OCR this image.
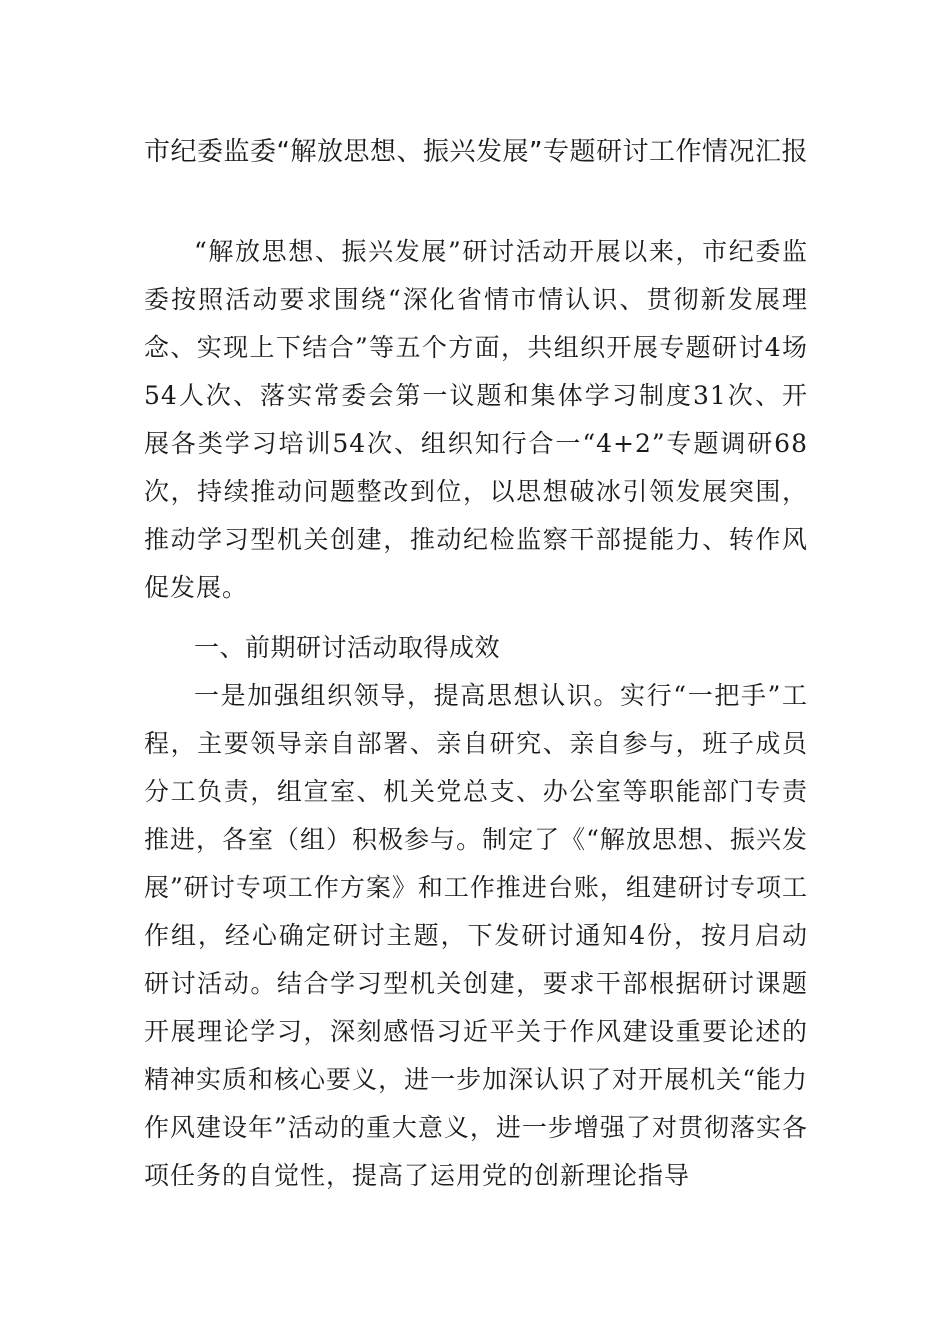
市纪委监委“解放思想、振兴发展”专题研讨工作情况汇报

“解放思想、振兴发展”研讨活动开展以来，市纪委监委按照活动要求围绕“深化省情市情认识、贯彻新发展理念、实现上下结合”等五个方面，共组织开展专题研讨4场54人次、落实常委会第一议题和集体学习制度31次、开展各类学习培训54次、组织知行合一“4+2”专题调研68次，持续推动问题整改到位，以思想破冰引领发展突围，推动学习型机关创建，推动纪检监察干部提能力、转作风促发展。

一、前期研讨活动取得成效

一是加强组织领导，提高思想认识。实行“一把手”工程，主要领导亲自部署、亲自研究、亲自参与，班子成员分工负责，组宣室、机关党总支、办公室等职能部门专责推进，各室（组）积极参与。制定了《“解放思想、振兴发展”研讨专项工作方案》和工作推进台账，组建研讨专项工作组，经心确定研讨主题，下发研讨通知4份，按月启动研讨活动。结合学习型机关创建，要求干部根据研讨课题开展理论学习，深刻感悟习近平关于作风建设重要论述的精神实质和核心要义，进一步加深认识了对开展机关“能力作风建设年”活动的重大意义，进一步增强了对贯彻落实各项任务的自觉性，提高了运用党的创新理论指导
